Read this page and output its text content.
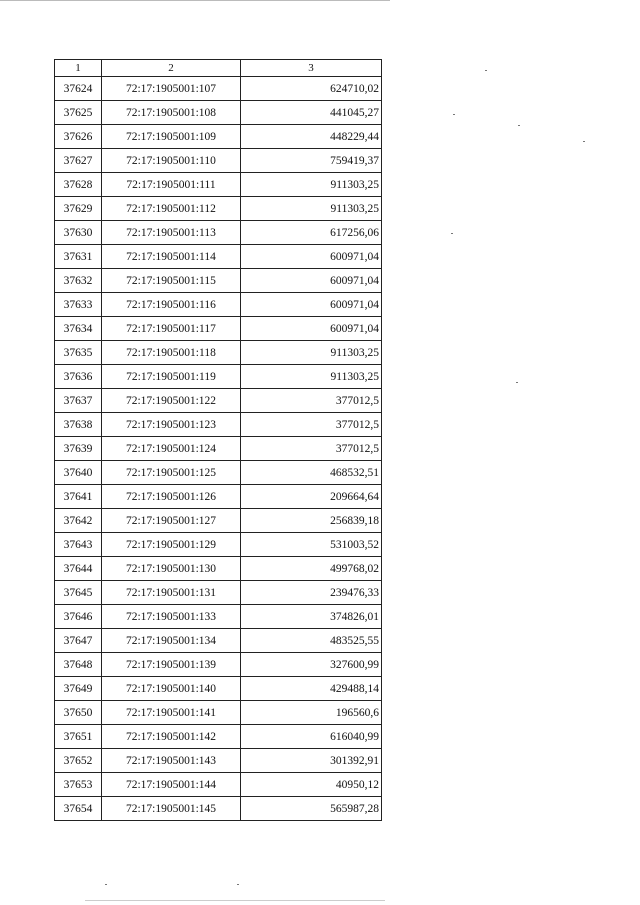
1	2	3
37624	72:17:1905001:107	624710,02
37625	72:17:1905001:108	441045,27
37626	72:17:1905001:109	448229,44
37627	72:17:1905001:110	759419,37
37628	72:17:1905001:111	911303,25
37629	72:17:1905001:112	911303,25
37630	72:17:1905001:113	617256,06
37631	72:17:1905001:114	600971,04
37632	72:17:1905001:115	600971,04
37633	72:17:1905001:116	600971,04
37634	72:17:1905001:117	600971,04
37635	72:17:1905001:118	911303,25
37636	72:17:1905001:119	911303,25
37637	72:17:1905001:122	377012,5
37638	72:17:1905001:123	377012,5
37639	72:17:1905001:124	377012,5
37640	72:17:1905001:125	468532,51
37641	72:17:1905001:126	209664,64
37642	72:17:1905001:127	256839,18
37643	72:17:1905001:129	531003,52
37644	72:17:1905001:130	499768,02
37645	72:17:1905001:131	239476,33
37646	72:17:1905001:133	374826,01
37647	72:17:1905001:134	483525,55
37648	72:17:1905001:139	327600,99
37649	72:17:1905001:140	429488,14
37650	72:17:1905001:141	196560,6
37651	72:17:1905001:142	616040,99
37652	72:17:1905001:143	301392,91
37653	72:17:1905001:144	40950,12
37654	72:17:1905001:145	565987,28
